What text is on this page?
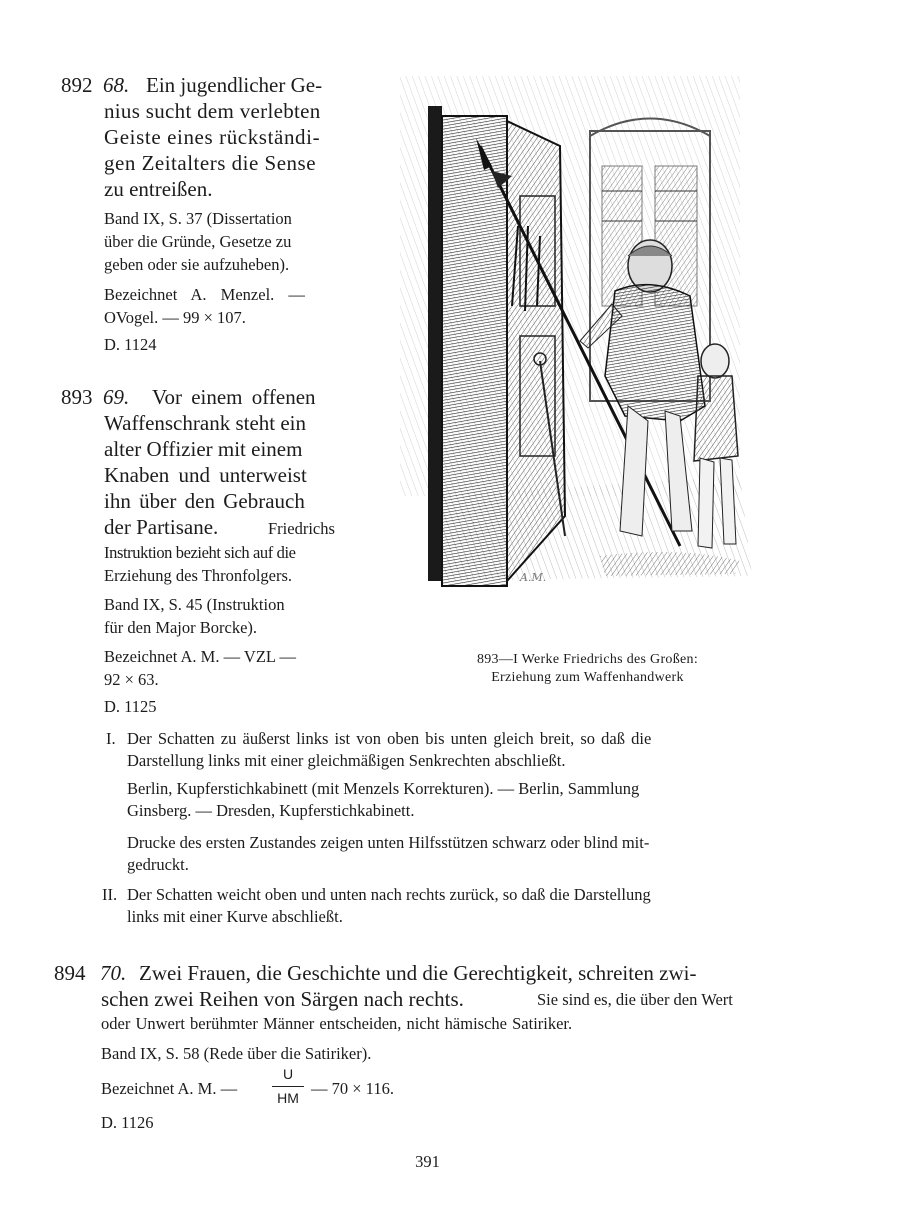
892 68. Ein jugendlicher Ge-
nius sucht dem verlebten
Geiste eines rückständi-
gen Zeitalters die Sense
zu entreißen.
Band IX, S. 37 (Dissertation
über die Gründe, Gesetze zu
geben oder sie aufzuheben).
Bezeichnet A. Menzel. —
OVogel. — 99 × 107.
D. 1124
893 69. Vor einem offenen
Waffenschrank steht ein
alter Offizier mit einem
Knaben und unterweist
ihn über den Gebrauch
der Partisane.	Friedrichs
Instruktion bezieht sich auf die
Erziehung des Thronfolgers.
Band IX, S. 45 (Instruktion
für den Major Borcke).
Bezeichnet A. M. — VZL —
92 × 63.
D. 1125
I. Der Schatten zu äußerst links ist von oben bis unten gleich breit, so daß die
Darstellung links mit einer gleichmäßigen Senkrechten abschließt.
Berlin, Kupferstichkabinett (mit Menzels Korrekturen). — Berlin, Sammlung
Ginsberg. — Dresden, Kupferstichkabinett.
Drucke des ersten Zustandes zeigen unten Hilfsstützen schwarz oder blind mit-
gedruckt.
II. Der Schatten weicht oben und unten nach rechts zurück, so daß die Darstellung
links mit einer Kurve abschließt.
A.M.
893—I Werke Friedrichs des Großen:
Erziehung zum Waffenhandwerk
894 70. Zwei Frauen, die Geschichte und die Gerechtigkeit, schreiten zwi-
schen zwei Reihen von Särgen nach rechts.	Sie sind es, die über den Wert
oder Unwert berühmter Männer entscheiden, nicht hämische Satiriker.
Band IX, S. 58 (Rede über die Satiriker).
Bezeichnet A. M. —
U
HM — 70 × 116.
D. 1126
391
